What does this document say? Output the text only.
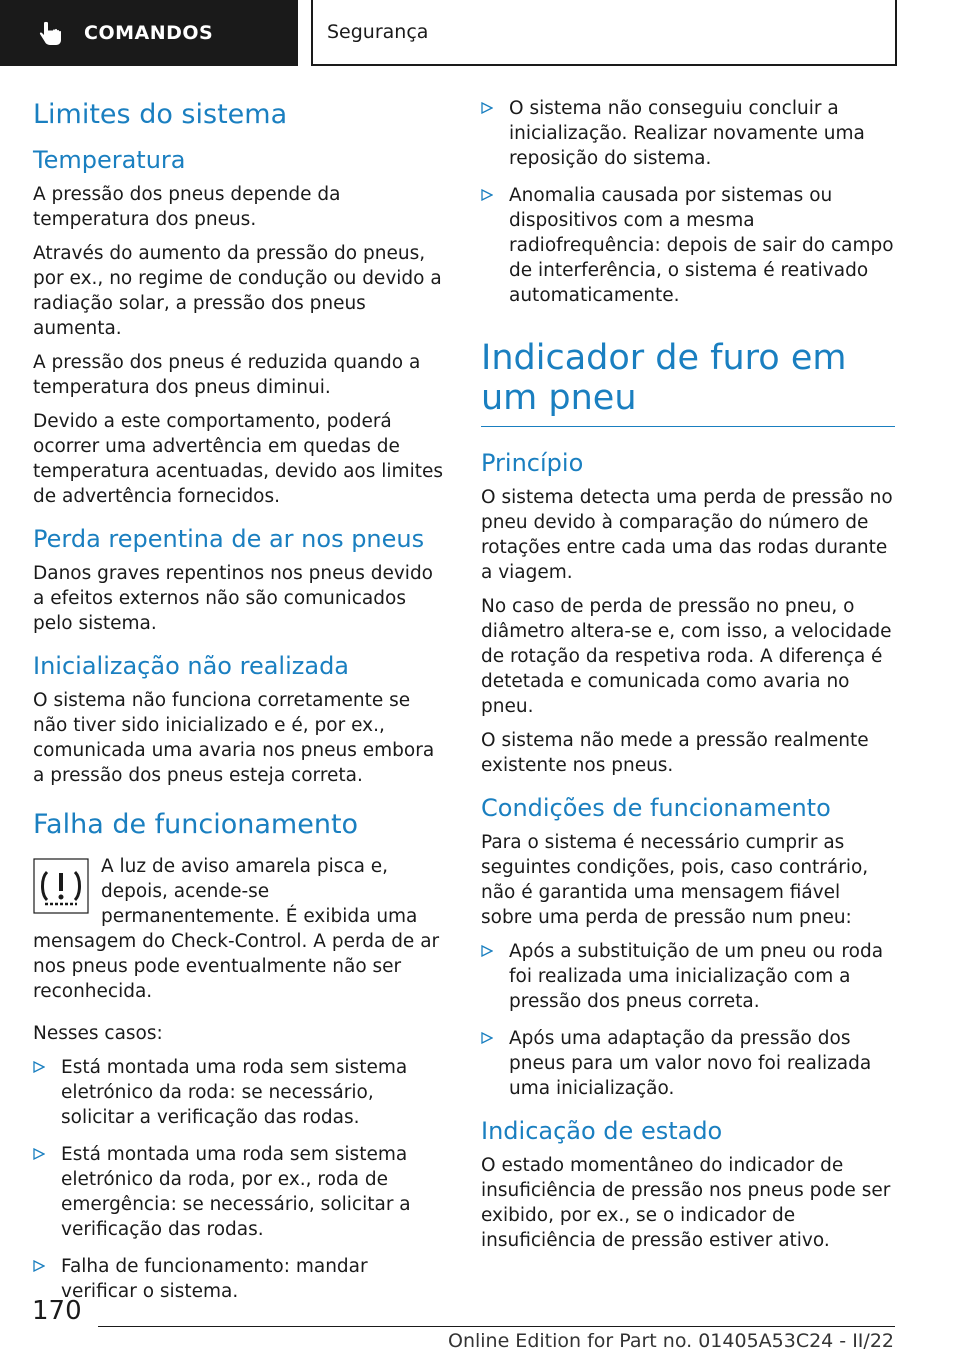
COMANDOS	Segurança
Limites do sistema
Temperatura

A pressão dos pneus depende da temperatura dos pneus.

Através do aumento da pressão do pneus, por ex., no regime de condução ou devido a radiação solar, a pressão dos pneus aumenta.

A pressão dos pneus é reduzida quando a temperatura dos pneus diminui.

Devido a este comportamento, poderá ocorrer uma advertência em quedas de temperatura acentuadas, devido aos limites de advertência fornecidos.

Perda repentina de ar nos pneus

Danos graves repentinos nos pneus devido a efeitos externos não são comunicados pelo sistema.

Inicialização não realizada

O sistema não funciona corretamente se não tiver sido inicializado e é, por ex., comunicada uma avaria nos pneus embora a pressão dos pneus esteja correta.

Falha de funcionamento

A luz de aviso amarela pisca e, depois, acende-se permanentemente. É exibida uma mensagem do Check-Control. A perda de ar nos pneus pode eventualmente não ser reconhecida.

Nesses casos:

Está montada uma roda sem sistema eletrónico da roda: se necessário, solicitar a verificação das rodas.
Está montada uma roda sem sistema eletrónico da roda, por ex., roda de emergência: se necessário, solicitar a verificação das rodas.
Falha de funcionamento: mandar verificar o sistema.
O sistema não conseguiu concluir a inicialização. Realizar novamente uma reposição do sistema.
Anomalia causada por sistemas ou dispositivos com a mesma radiofrequência: depois de sair do campo de interferência, o sistema é reativado automaticamente.
Indicador de furo em um pneu
Princípio

O sistema detecta uma perda de pressão no pneu devido à comparação do número de rotações entre cada uma das rodas durante a viagem.

No caso de perda de pressão no pneu, o diâmetro altera-se e, com isso, a velocidade de rotação da respetiva roda. A diferença é detetada e comunicada como avaria no pneu.

O sistema não mede a pressão realmente existente nos pneus.

Condições de funcionamento

Para o sistema é necessário cumprir as seguintes condições, pois, caso contrário, não é garantida uma mensagem fiável sobre uma perda de pressão num pneu:

Após a substituição de um pneu ou roda foi realizada uma inicialização com a pressão dos pneus correta.
Após uma adaptação da pressão dos pneus para um valor novo foi realizada uma inicialização.
Indicação de estado

O estado momentâneo do indicador de insuficiência de pressão nos pneus pode ser exibido, por ex., se o indicador de insuficiência de pressão estiver ativo.

170
Online Edition for Part no. 01405A53C24 - II/22
